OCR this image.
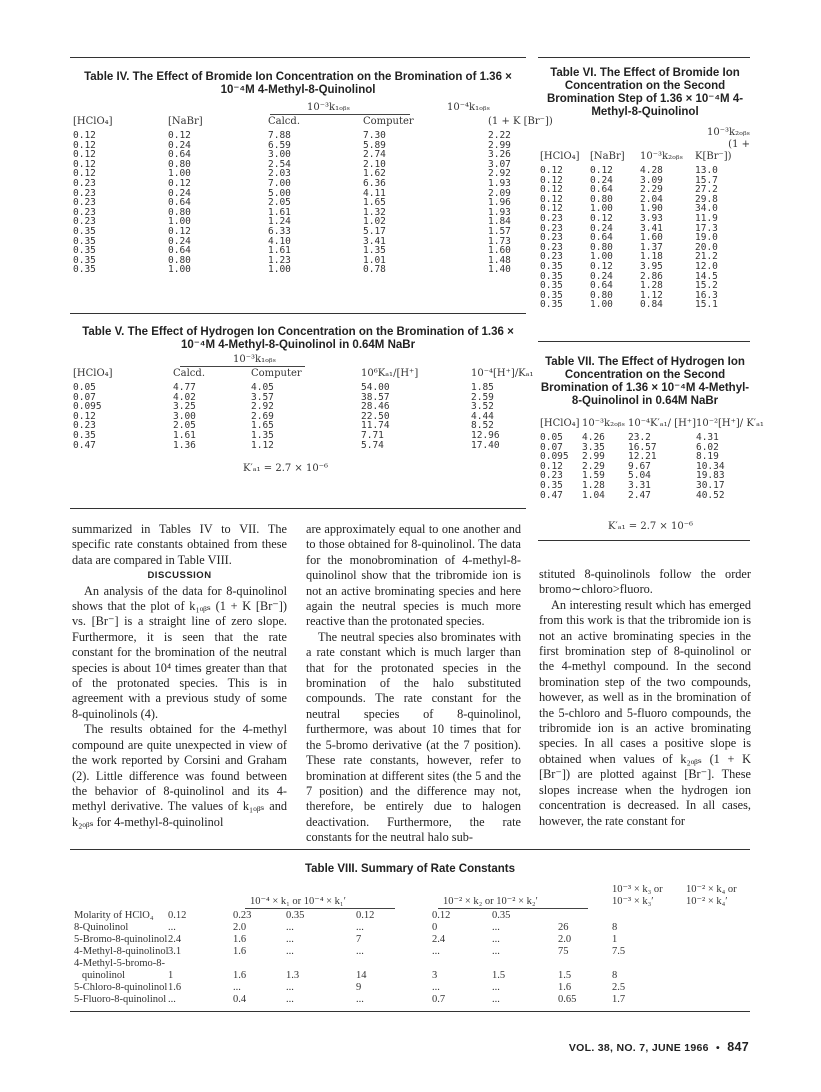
Table IV. The Effect of Bromide Ion Concentration on the Bromination of 1.36 × 10⁻⁴M 4-Methyl-8-Quinolinol
10⁻³k₁ₒᵦₛ	10⁻⁴k₁ₒᵦₛ
[HClO₄]	[NaBr]	Calcd.	Computer	(1 + K [Br⁻])
0.12	0.12	7.88	7.30	2.22
0.12	0.24	6.59	5.89	2.99
0.12	0.64	3.00	2.74	3.26
0.12	0.80	2.54	2.10	3.07
0.12	1.00	2.03	1.62	2.92
0.23	0.12	7.00	6.36	1.93
0.23	0.24	5.00	4.11	2.09
0.23	0.64	2.05	1.65	1.96
0.23	0.80	1.61	1.32	1.93
0.23	1.00	1.24	1.02	1.84
0.35	0.12	6.33	5.17	1.57
0.35	0.24	4.10	3.41	1.73
0.35	0.64	1.61	1.35	1.60
0.35	0.80	1.23	1.01	1.48
0.35	1.00	1.00	0.78	1.40
Table V. The Effect of Hydrogen Ion Concentration on the Bromination of 1.36 × 10⁻⁴M 4-Methyl-8-Quinolinol in 0.64M NaBr
10⁻³k₁ₒᵦₛ
[HClO₄]	Calcd.	Computer	10⁶Kₐ₁/[H⁺]	10⁻⁴[H⁺]/Kₐ₁
0.05	4.77	4.05	54.00	1.85
0.07	4.02	3.57	38.57	2.59
0.095	3.25	2.92	28.46	3.52
0.12	3.00	2.69	22.50	4.44
0.23	2.05	1.65	11.74	8.52
0.35	1.61	1.35	7.71	12.96
0.47	1.36	1.12	5.74	17.40
K′ₐ₁ = 2.7 × 10⁻⁶
Table VI. The Effect of Bromide Ion Concentration on the Second Bromination Step of 1.36 × 10⁻⁴M 4-Methyl-8-Quinolinol
10⁻³k₂ₒᵦₛ
(1 +
[HClO₄]	[NaBr]	10⁻³k₂ₒᵦₛ	K[Br⁻])
0.12	0.12	4.28	13.0
0.12	0.24	3.09	15.7
0.12	0.64	2.29	27.2
0.12	0.80	2.04	29.8
0.12	1.00	1.90	34.0
0.23	0.12	3.93	11.9
0.23	0.24	3.41	17.3
0.23	0.64	1.60	19.0
0.23	0.80	1.37	20.0
0.23	1.00	1.18	21.2
0.35	0.12	3.95	12.0
0.35	0.24	2.86	14.5
0.35	0.64	1.28	15.2
0.35	0.80	1.12	16.3
0.35	1.00	0.84	15.1
Table VII. The Effect of Hydrogen Ion Concentration on the Second Bromination of 1.36 × 10⁻⁴M 4-Methyl-8-Quinolinol in 0.64M NaBr
[HClO₄]	10⁻³k₂ₒᵦₛ	10⁻⁴K′ₐ₁/ [H⁺]	10⁻²[H⁺]/ K′ₐ₁
0.05	4.26	23.2	4.31
0.07	3.35	16.57	6.02
0.095	2.99	12.21	8.19
0.12	2.29	9.67	10.34
0.23	1.59	5.04	19.83
0.35	1.28	3.31	30.17
0.47	1.04	2.47	40.52
K′ₐ₁ = 2.7 × 10⁻⁶

summarized in Tables IV to VII. The specific rate constants obtained from these data are compared in Table VIII.

DISCUSSION

An analysis of the data for 8-quinolinol shows that the plot of k₁ₒᵦₛ (1 + K [Br⁻]) vs. [Br⁻] is a straight line of zero slope. Furthermore, it is seen that the rate constant for the bromination of the neutral species is about 10⁴ times greater than that of the protonated species. This is in agreement with a previous study of some 8-quinolinols (4).

The results obtained for the 4-methyl compound are quite unexpected in view of the work reported by Corsini and Graham (2). Little difference was found between the behavior of 8-quinolinol and its 4-methyl derivative. The values of k₁ₒᵦₛ and k₂ₒᵦₛ for 4-methyl-8-quinolinol

are approximately equal to one another and to those obtained for 8-quinolinol. The data for the monobromination of 4-methyl-8-quinolinol show that the tribromide ion is not an active brominating species and here again the neutral species is much more reactive than the protonated species.

The neutral species also brominates with a rate constant which is much larger than that for the protonated species in the bromination of the halo substituted compounds. The rate constant for the neutral species of 8-quinolinol, furthermore, was about 10 times that for the 5-bromo derivative (at the 7 position). These rate constants, however, refer to bromination at different sites (the 5 and the 7 position) and the difference may not, therefore, be entirely due to halogen deactivation. Furthermore, the rate constants for the neutral halo sub-

stituted 8-quinolinols follow the order bromo∼chloro>fluoro.

An interesting result which has emerged from this work is that the tribromide ion is not an active brominating species in the first bromination step of 8-quinolinol or the 4-methyl compound. In the second bromination step of the two compounds, however, as well as in the bromination of the 5-chloro and 5-fluoro compounds, the tribromide ion is an active brominating species. In all cases a positive slope is obtained when values of k₂ₒᵦₛ (1 + K [Br⁻]) are plotted against [Br⁻]. These slopes increase when the hydrogen ion concentration is decreased. In all cases, however, the rate constant for

Table VIII. Summary of Rate Constants
10⁻⁴ × k₁ or 10⁻⁴ × k₁′	10⁻² × k₂ or 10⁻² × k₂′
10⁻³ × k₃ or
10⁻³ × k₃′
10⁻² × k₄ or
10⁻² × k₄′
Molarity of HClO₄ 0.12	0.23	0.35	0.12	0.12	0.35
8-Quinolinol	...	2.0	...	...	0	...	26	8
5-Bromo-8-quinolinol 2.4	1.6	...	7	2.4	...	2.0	1
4-Methyl-8-quinolinol 3.1	1.6	...	...	...	...	75	7.5
4-Methyl-5-bromo-8-
quinolinol	1	1.6	1.3	14	3	1.5	1.5	8
5-Chloro-8-quinolinol 1.6	...	...	9	...	...	1.6	2.5
5-Fluoro-8-quinolinol ...	0.4	...	...	0.7	...	0.65	1.7
VOL. 38, NO. 7, JUNE 1966 • 847
